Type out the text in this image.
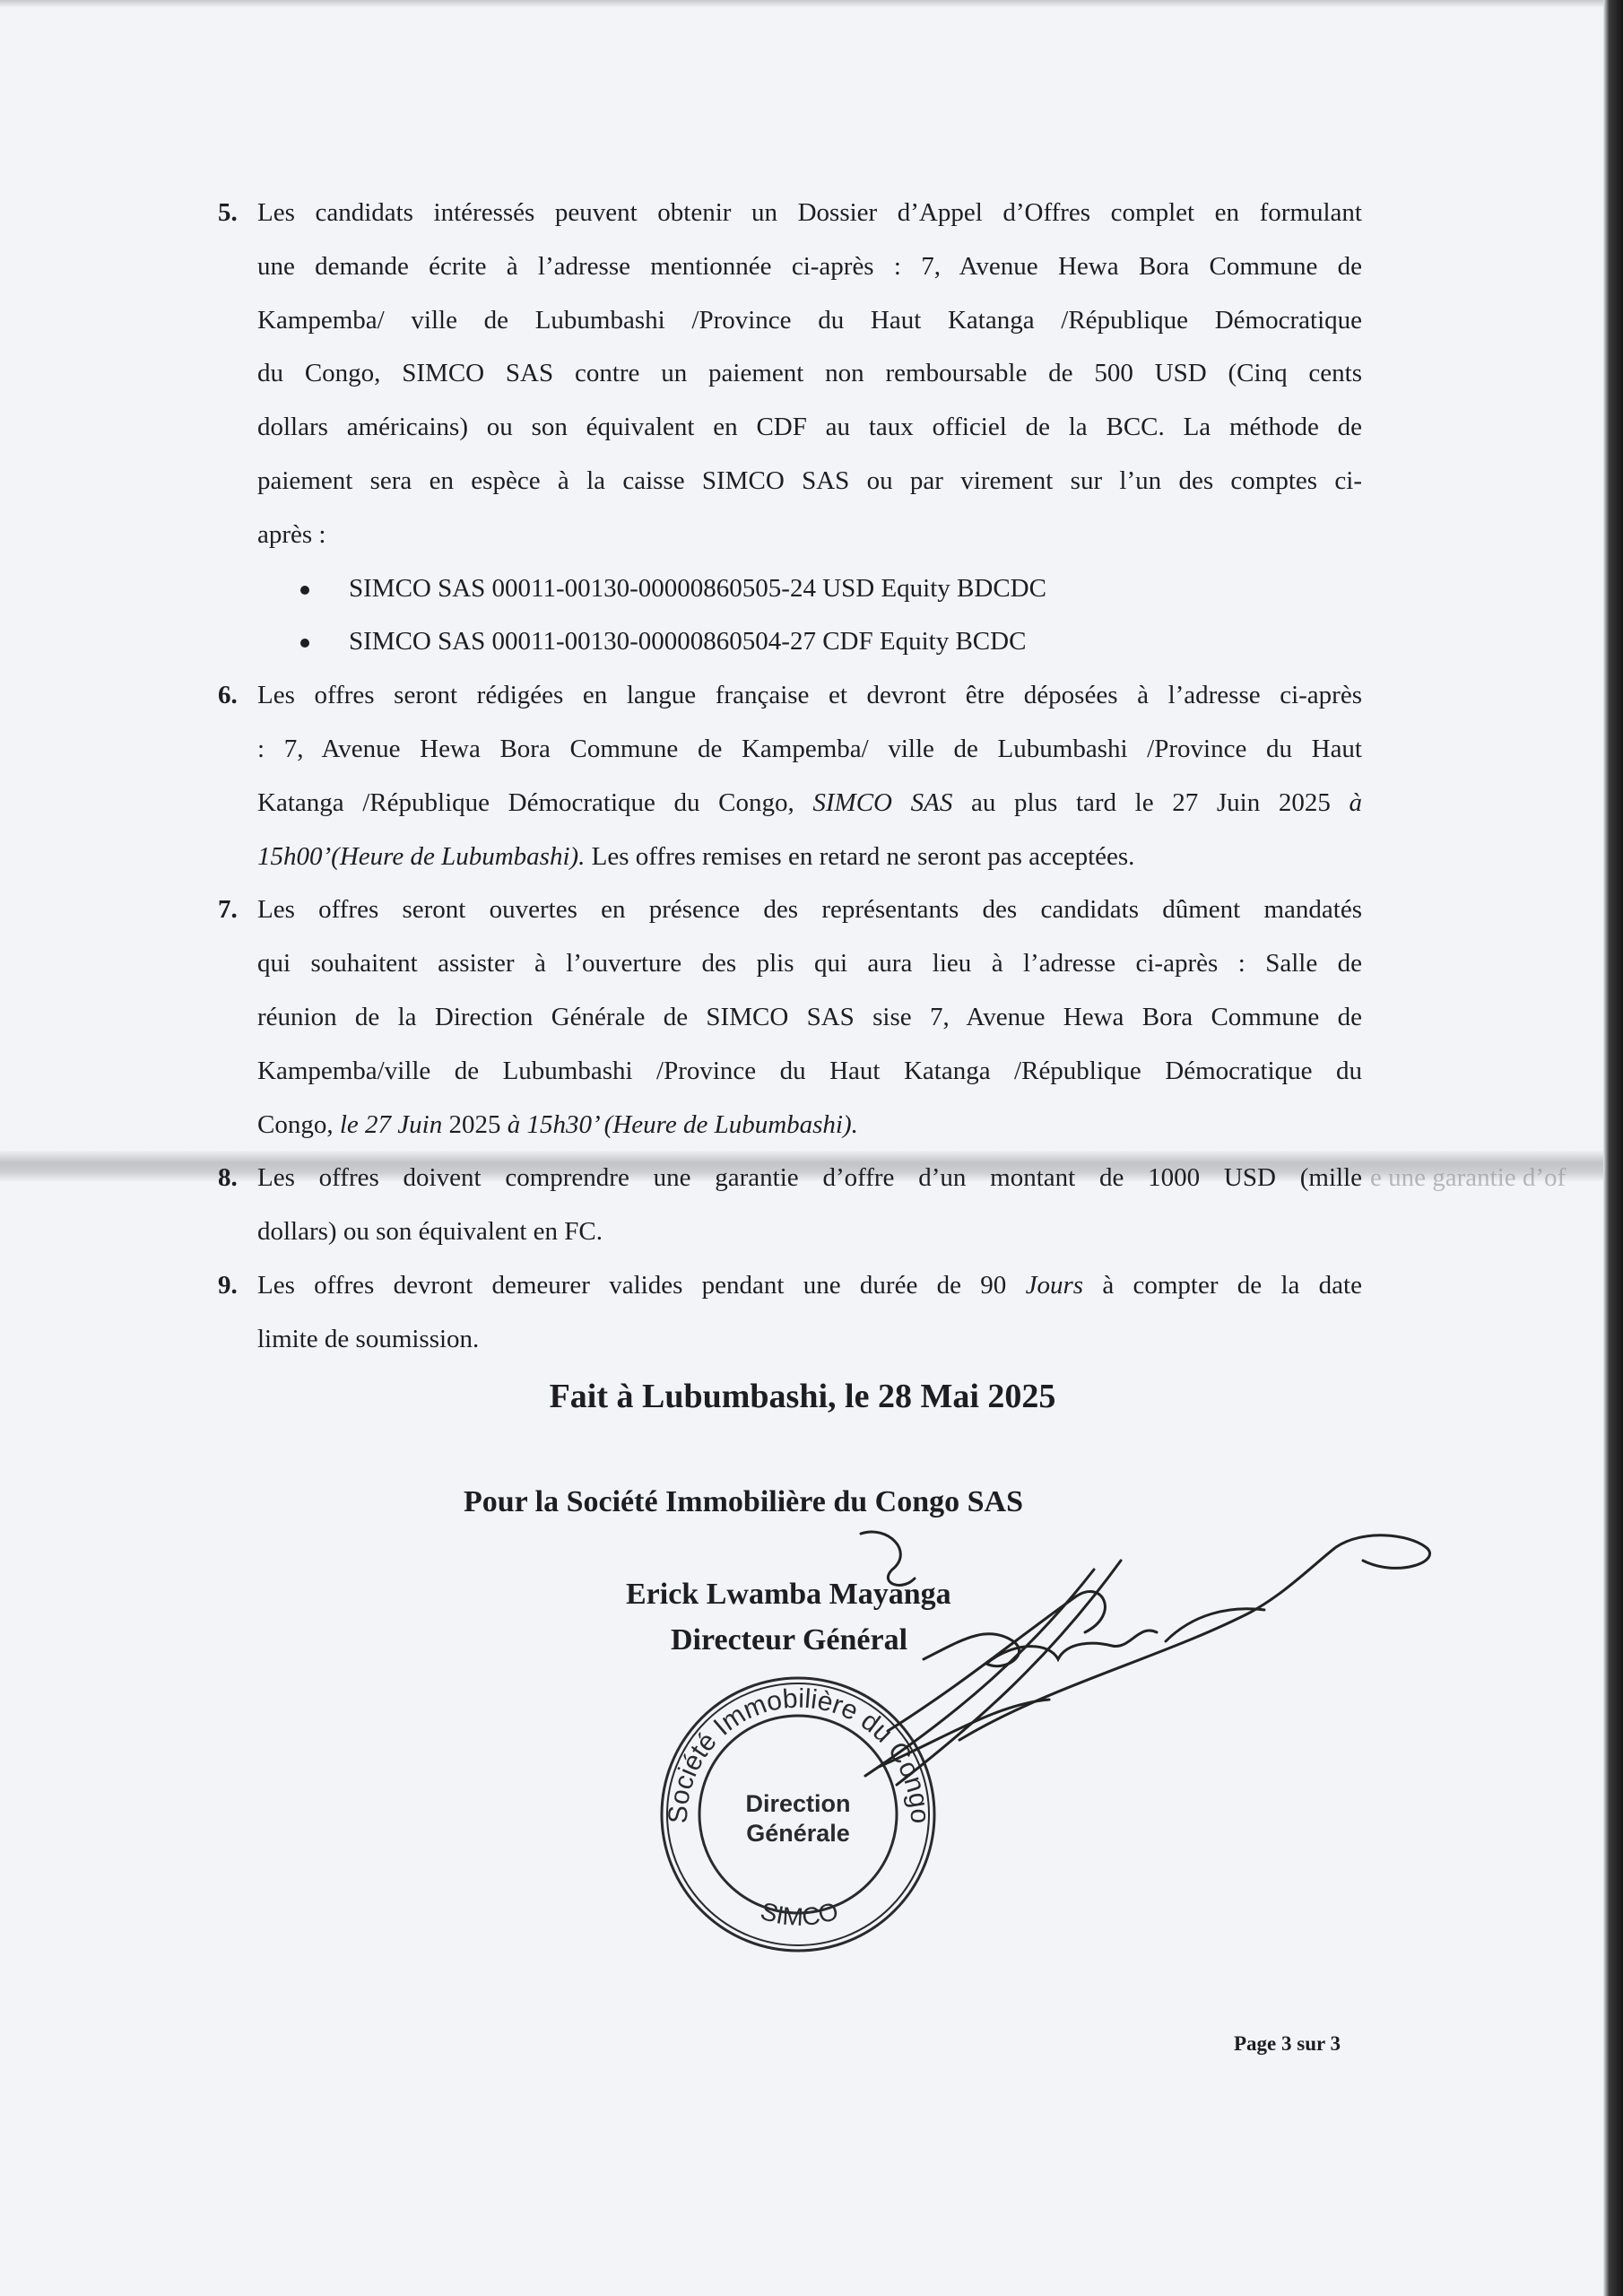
5. Les candidats intéressés peuvent obtenir un Dossier d’Appel d’Offres complet en formulant
une demande écrite à l’adresse mentionnée ci-après : 7, Avenue Hewa Bora Commune de
Kampemba/ ville de Lubumbashi /Province du Haut Katanga /République Démocratique
du Congo, SIMCO SAS contre un paiement non remboursable de 500 USD (Cinq cents
dollars américains) ou son équivalent en CDF au taux officiel de la BCC. La méthode de
paiement sera en espèce à la caisse SIMCO SAS ou par virement sur l’un des comptes ci-
après :
SIMCO SAS 00011-00130-00000860505-24 USD Equity BDCDC
SIMCO SAS 00011-00130-00000860504-27 CDF Equity BCDC
6. Les offres seront rédigées en langue française et devront être déposées à l’adresse ci-après
: 7, Avenue Hewa Bora Commune de Kampemba/ ville de Lubumbashi /Province du Haut
Katanga /République Démocratique du Congo, SIMCO SAS au plus tard le 27 Juin 2025 à
15h00’(Heure de Lubumbashi). Les offres remises en retard ne seront pas acceptées.
7. Les offres seront ouvertes en présence des représentants des candidats dûment mandatés
qui souhaitent assister à l’ouverture des plis qui aura lieu à l’adresse ci-après : Salle de
réunion de la Direction Générale de SIMCO SAS sise 7, Avenue Hewa Bora Commune de
Kampemba/ville de Lubumbashi /Province du Haut Katanga /République Démocratique du
Congo, le 27 Juin 2025 à 15h30’ (Heure de Lubumbashi).
8. Les offres doivent comprendre une garantie d’offre d’un montant de 1000 USD (mille e une garantie d’of
dollars) ou son équivalent en FC.
9. Les offres devront demeurer valides pendant une durée de 90 Jours à compter de la date
limite de soumission.
Fait à Lubumbashi, le 28 Mai 2025
Pour la Société Immobilière du Congo SAS
Erick Lwamba Mayanga
Directeur Général
Société Immobilière du Congo
SIMCO
Direction
Générale
Page 3 sur 3
